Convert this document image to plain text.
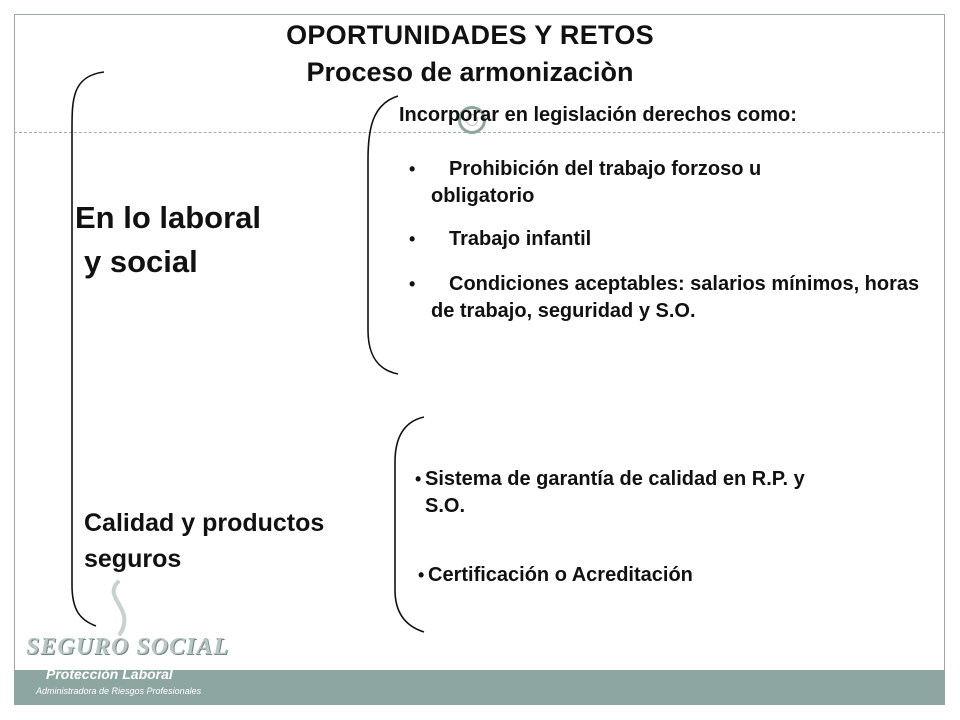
OPORTUNIDADES Y RETOS
Proceso de armonizaciòn
En lo laboral
y social
Calidad y productos seguros
Incorporar en legislación derechos como:
•	Prohibición del trabajo forzoso u obligatorio
•	Trabajo infantil
•	Condiciones aceptables: salarios mínimos, horas de trabajo, seguridad y S.O.
• Sistema de garantía de calidad en R.P. y S.O.
• Certificación o Acreditación
SEGURO SOCIAL
Protección Laboral
Administradora de Riesgos Profesionales
